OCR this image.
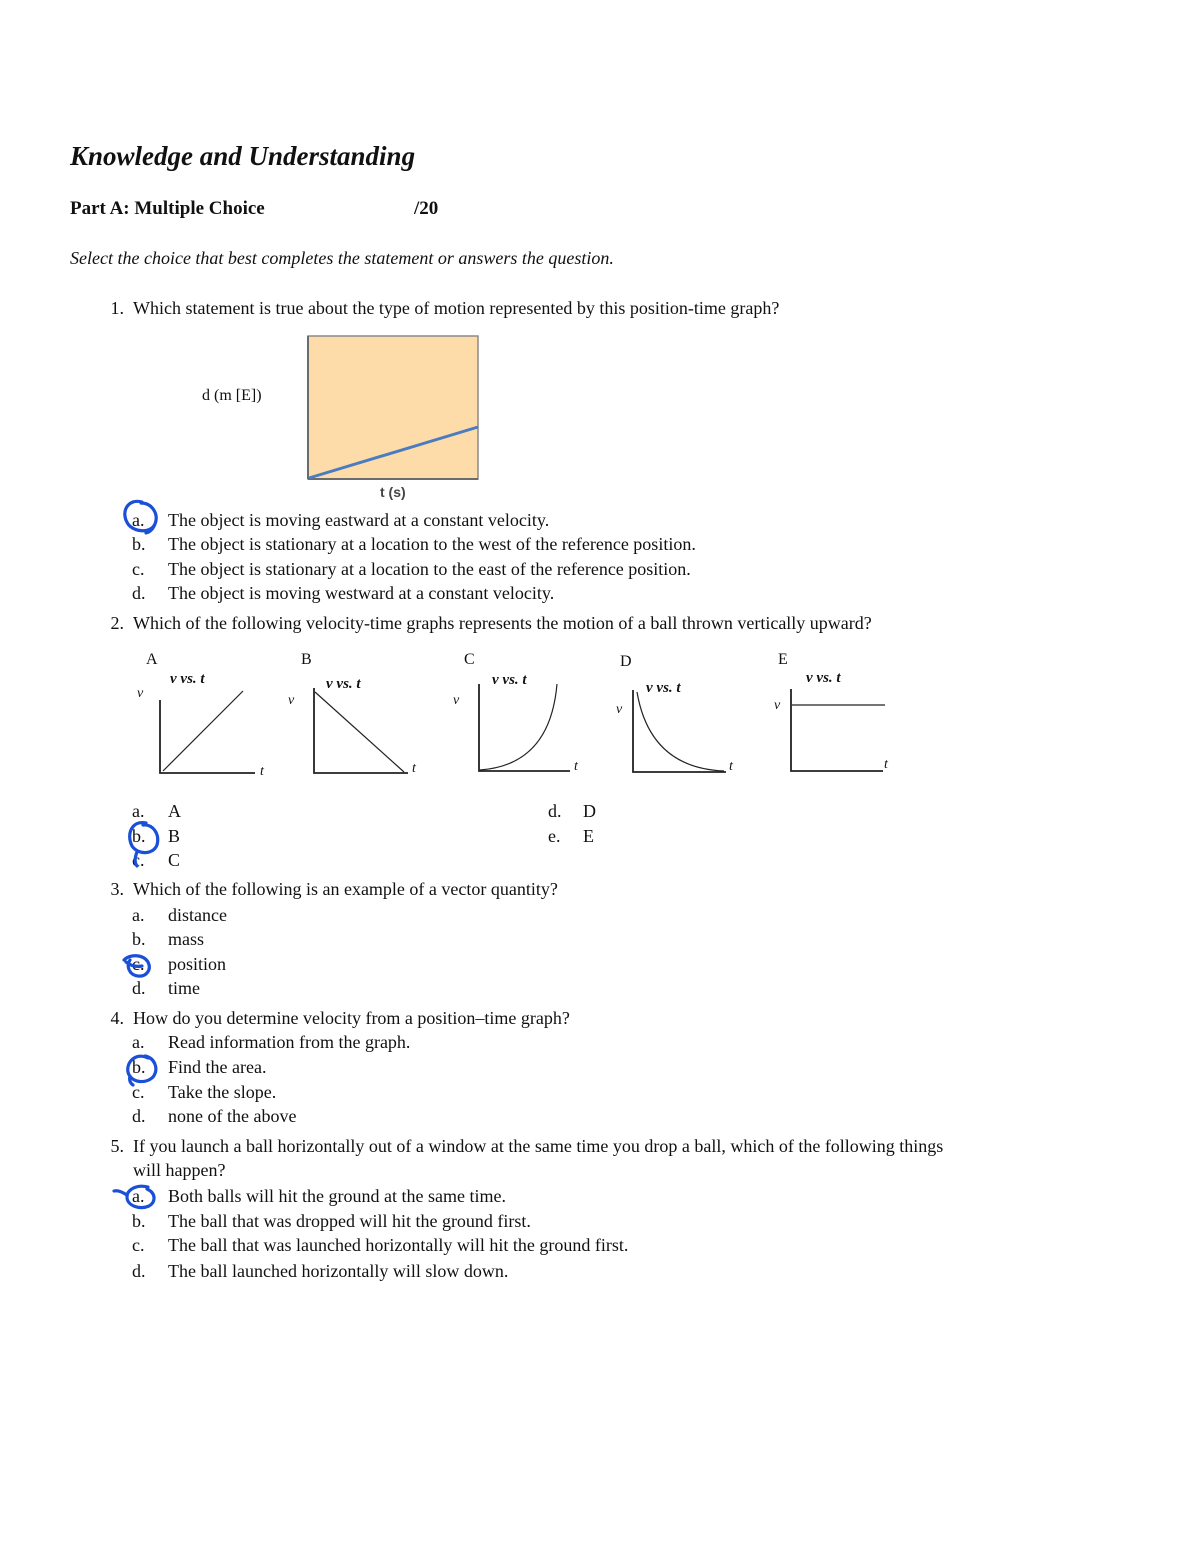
Knowledge and Understanding
Part A: Multiple Choice	/20
Select the choice that best completes the statement or answers the question.
1. Which statement is true about the type of motion represented by this position-time graph?
d (m [E])
t (s)
a. The object is moving eastward at a constant velocity.
b. The object is stationary at a location to the west of the reference position.
c. The object is stationary at a location to the east of the reference position.
d. The object is moving westward at a constant velocity.
2. Which of the following velocity-time graphs represents the motion of a ball thrown vertically upward?
A	B	C	D	E
v vs. t	v vs. t	v vs. t	v vs. t
v vs. t
v	v	v
v	v
t	t	t	t	t
a. A
b. B
c. C
d. D
e. E
3. Which of the following is an example of a vector quantity?
a. distance
b. mass
c. position
d. time
4. How do you determine velocity from a position–time graph?
a. Read information from the graph.
b. Find the area.
c. Take the slope.
d. none of the above
5. If you launch a ball horizontally out of a window at the same time you drop a ball, which of the following things
will happen?
a. Both balls will hit the ground at the same time.
b. The ball that was dropped will hit the ground first.
c. The ball that was launched horizontally will hit the ground first.
d. The ball launched horizontally will slow down.
